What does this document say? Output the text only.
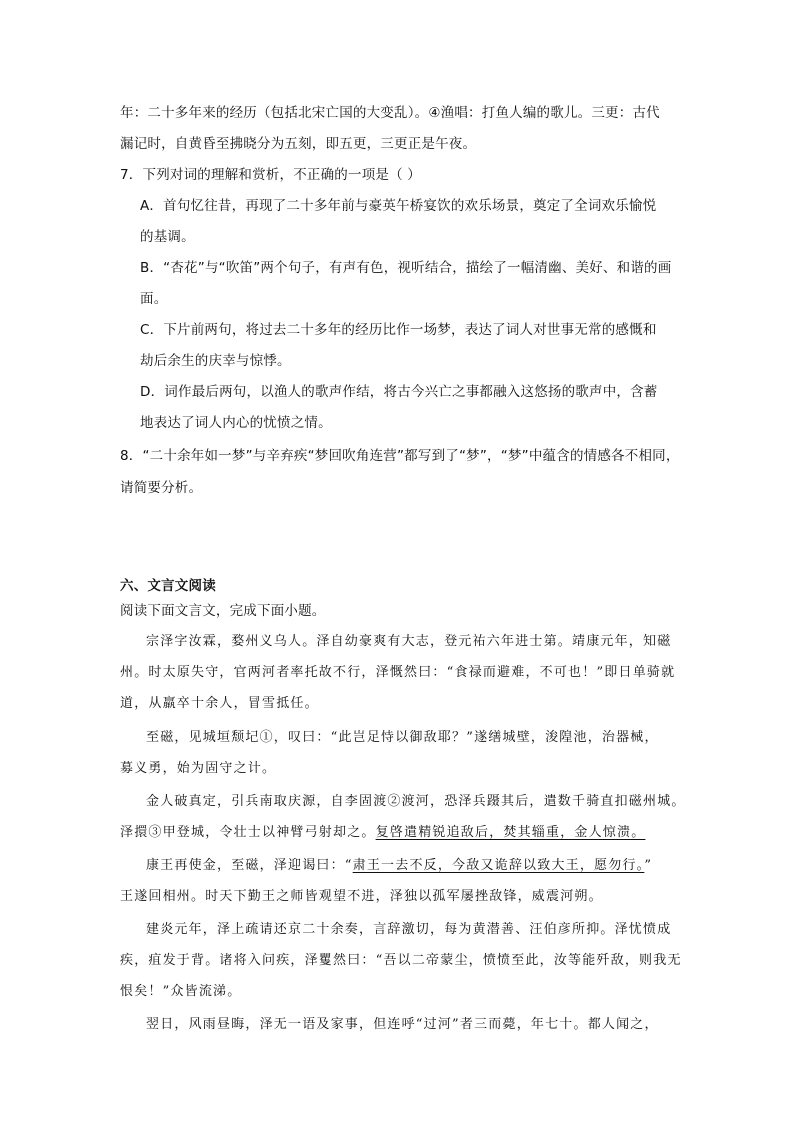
年：二十多年来的经历（包括北宋亡国的大变乱）。④渔唱：打鱼人编的歌儿。三更：古代
漏记时，自黄昏至拂晓分为五刻，即五更，三更正是午夜。
7．下列对词的理解和赏析，不正确的一项是（ ）
A．首句忆往昔，再现了二十多年前与豪英午桥宴饮的欢乐场景，奠定了全词欢乐愉悦
的基调。
B．“杏花”与“吹笛”两个句子，有声有色，视听结合，描绘了一幅清幽、美好、和谐的画
面。
C．下片前两句，将过去二十多年的经历比作一场梦，表达了词人对世事无常的感慨和
劫后余生的庆幸与惊悸。
D．词作最后两句，以渔人的歌声作结，将古今兴亡之事都融入这悠扬的歌声中，含蓄
地表达了词人内心的忧愤之情。
8．“二十余年如一梦”与辛弃疾“梦回吹角连营”都写到了“梦”，“梦”中蕴含的情感各不相同，
请简要分析。
六、文言文阅读
阅读下面文言文，完成下面小题。
宗泽字汝霖，婺州义乌人。泽自幼豪爽有大志，登元祐六年进士第。靖康元年，知磁
州。时太原失守，官两河者率托故不行，泽慨然曰：“食禄而避难，不可也！”即日单骑就
道，从羸卒十余人，冒雪抵任。
至磁，见城垣颓圮①，叹曰：“此岂足恃以御敌耶？”遂缮城壁，浚隍池，治器械，
募义勇，始为固守之计。
金人破真定，引兵南取庆源，自李固渡②渡河，恐泽兵蹑其后，遣数千骑直扣磁州城。
泽擐③甲登城，令壮士以神臂弓射却之。复啓遣精锐追敌后，焚其辎重，金人惊溃。
康王再使金，至磁，泽迎谒曰：“肃王一去不反，今敌又诡辞以致大王，愿勿行。”
王遂回相州。时天下勤王之师皆观望不进，泽独以孤军屡挫敌锋，威震河朔。
建炎元年，泽上疏请还京二十余奏，言辞激切，每为黄潜善、汪伯彦所抑。泽忧愤成
疾，疽发于背。诸将入问疾，泽矍然曰：“吾以二帝蒙尘，愤愤至此，汝等能歼敌，则我无
恨矣！”众皆流涕。
翌日，风雨昼晦，泽无一语及家事，但连呼“过河”者三而薨，年七十。都人闻之，
